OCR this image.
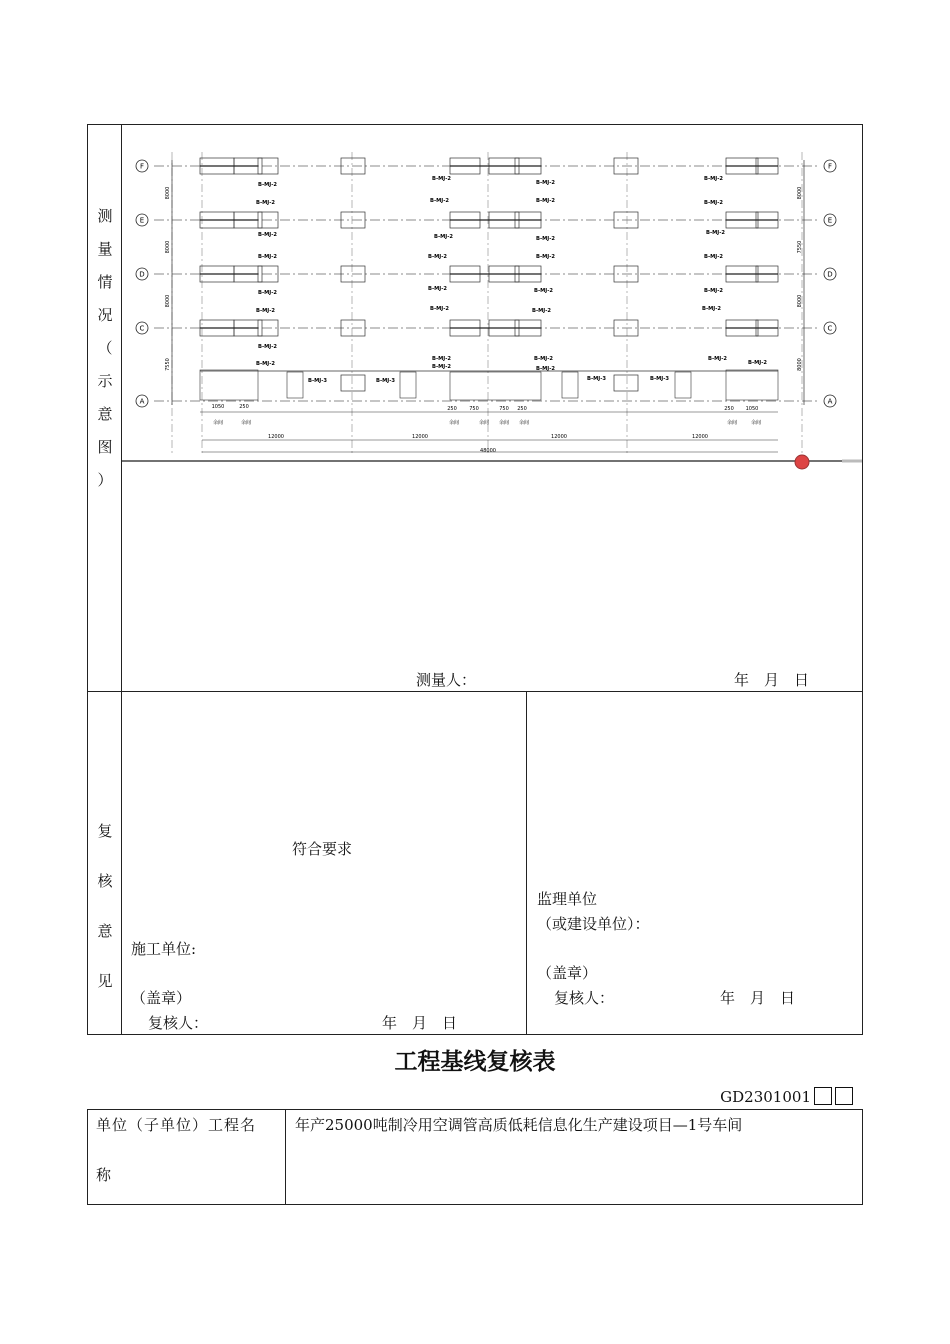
测
量
情
况
（
示
意
图
）
F	F
E	E
D	D
C	C
A	A
8000	8000
8000	7550
8000	8000
7550	8000
B-MJ-2
B-MJ-2
B-MJ-2
B-MJ-2
B-MJ-2
B-MJ-2
B-MJ-2
B-MJ-2
B-MJ-2
B-MJ-2
B-MJ-2
B-MJ-2
B-MJ-2
B-MJ-2
B-MJ-2
B-MJ-2
B-MJ-2
B-MJ-2
B-MJ-2
B-MJ-2
B-MJ-2
B-MJ-2
B-MJ-2
B-MJ-2
B-MJ-2
B-MJ-2
B-MJ-2
B-MJ-2
B-MJ-2
B-MJ-2
B-MJ-2
B-MJ-2
B-MJ-3	B-MJ-3	B-MJ-3	B-MJ-3
1050	250	250 750	750 250	250 1050
余间	余间	余间	余间 余间 余间	余间	余间
12000	12000	12000	12000
48000
测量人：	年　月　日
复
核
意
见
符合要求
施工单位:
（盖章）
复核人：	年　月　日
监理单位
（或建设单位）：
（盖章）
复核人：	年　月　日
工程基线复核表
GD2301001
单位（子单位）工程名
称
年产25000吨制冷用空调管高质低耗信息化生产建设项目—1号车间
